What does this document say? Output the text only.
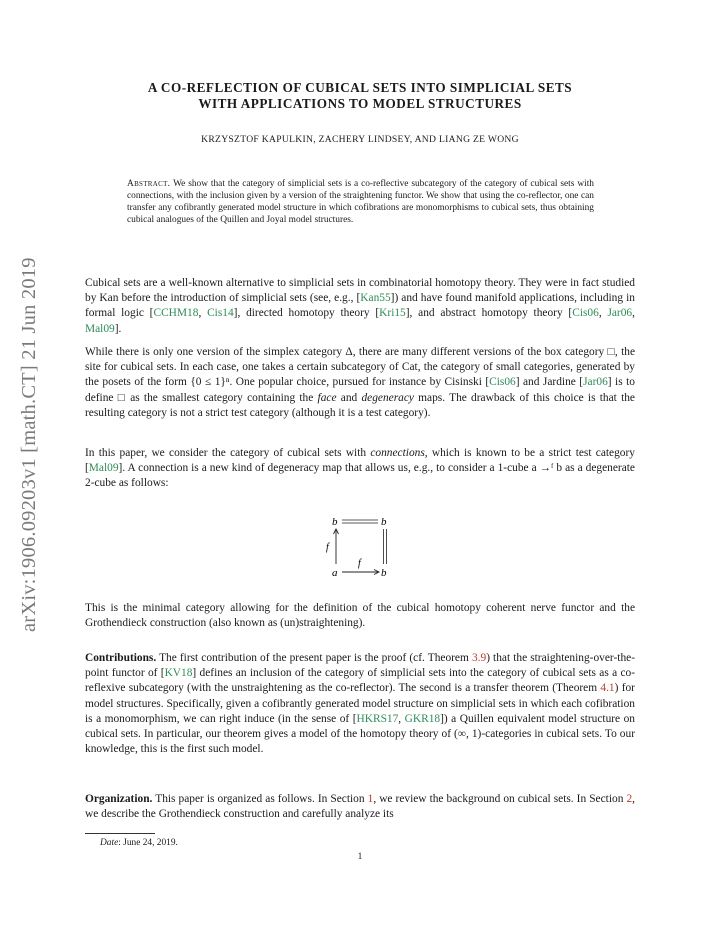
arXiv:1906.09203v1 [math.CT] 21 Jun 2019
A CO-REFLECTION OF CUBICAL SETS INTO SIMPLICIAL SETS
WITH APPLICATIONS TO MODEL STRUCTURES
KRZYSZTOF KAPULKIN, ZACHERY LINDSEY, AND LIANG ZE WONG
Abstract. We show that the category of simplicial sets is a co-reflective subcategory of the category of cubical sets with connections, with the inclusion given by a version of the straightening functor. We show that using the co-reflector, one can transfer any cofibrantly generated model structure in which cofibrations are monomorphisms to cubical sets, thus obtaining cubical analogues of the Quillen and Joyal model structures.
Cubical sets are a well-known alternative to simplicial sets in combinatorial homotopy theory. They were in fact studied by Kan before the introduction of simplicial sets (see, e.g., [Kan55]) and have found manifold applications, including in formal logic [CCHM18, Cis14], directed homotopy theory [Kri15], and abstract homotopy theory [Cis06, Jar06, Mal09].
While there is only one version of the simplex category Δ, there are many different versions of the box category □, the site for cubical sets. In each case, one takes a certain subcategory of Cat, the category of small categories, generated by the posets of the form {0 ≤ 1}ⁿ. One popular choice, pursued for instance by Cisinski [Cis06] and Jardine [Jar06] is to define □ as the smallest category containing the face and degeneracy maps. The drawback of this choice is that the resulting category is not a strict test category (although it is a test category).
In this paper, we consider the category of cubical sets with connections, which is known to be a strict test category [Mal09]. A connection is a new kind of degeneracy map that allows us, e.g., to consider a 1-cube a →ᶠ b as a degenerate 2-cube as follows:
b	b
a	b
f
f
This is the minimal category allowing for the definition of the cubical homotopy coherent nerve functor and the Grothendieck construction (also known as (un)straightening).
Contributions. The first contribution of the present paper is the proof (cf. Theorem 3.9) that the straightening-over-the-point functor of [KV18] defines an inclusion of the category of simplicial sets into the category of cubical sets as a co-reflexive subcategory (with the unstraightening as the co-reflector). The second is a transfer theorem (Theorem 4.1) for model structures. Specifically, given a cofibrantly generated model structure on simplicial sets in which each cofibration is a monomorphism, we can right induce (in the sense of [HKRS17, GKR18]) a Quillen equivalent model structure on cubical sets. In particular, our theorem gives a model of the homotopy theory of (∞, 1)-categories in cubical sets. To our knowledge, this is the first such model.
Organization. This paper is organized as follows. In Section 1, we review the background on cubical sets. In Section 2, we describe the Grothendieck construction and carefully analyze its
Date: June 24, 2019.
1
